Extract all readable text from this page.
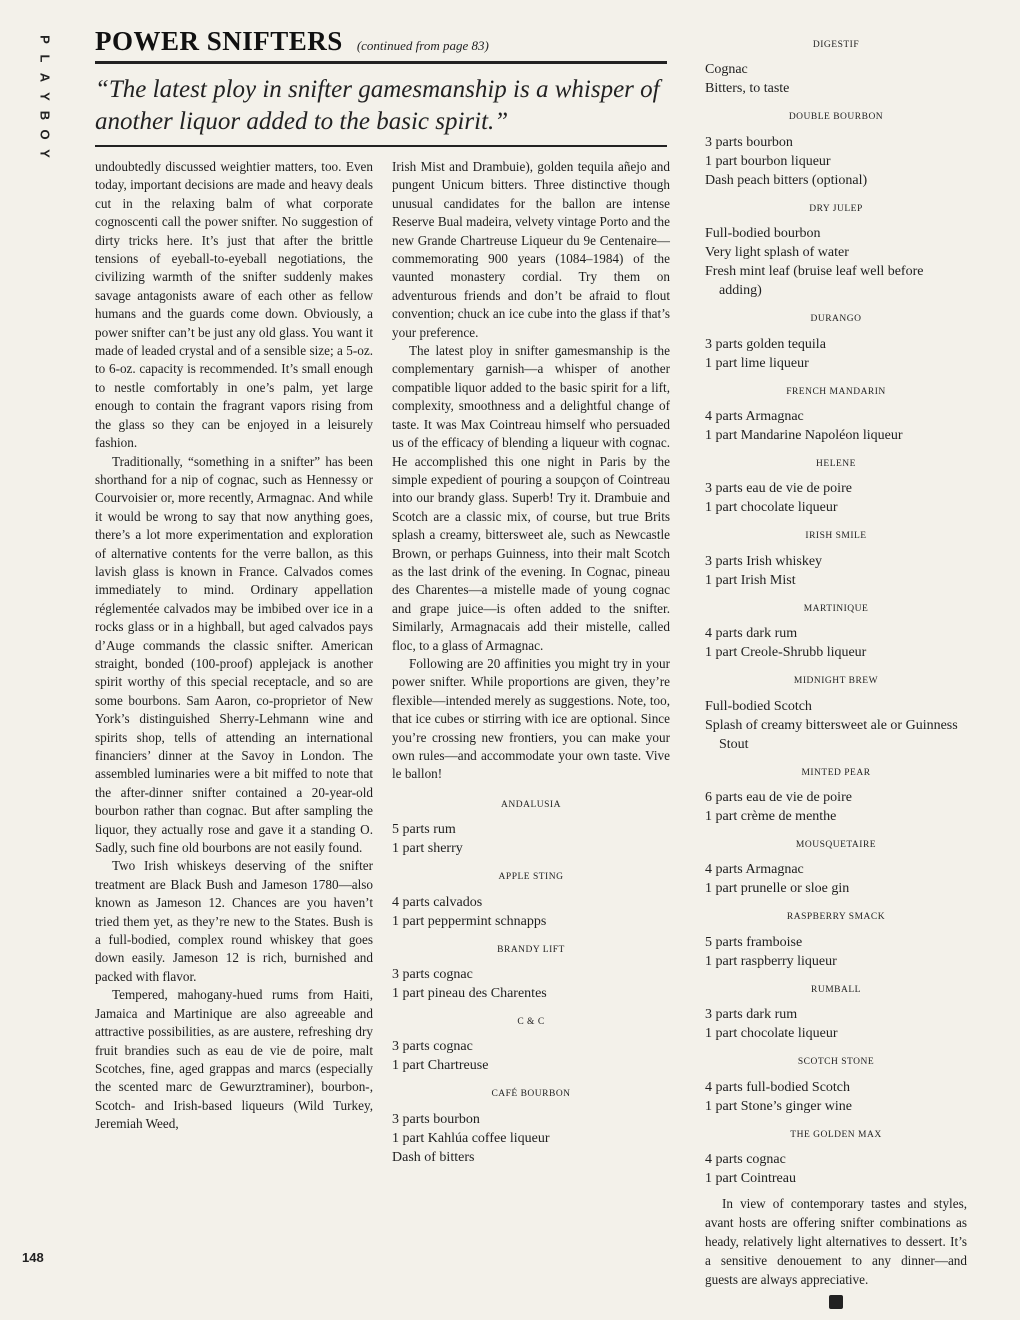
P
L
A
Y
B
O
Y
POWER SNIFTERS (continued from page 83)
“The latest ploy in snifter gamesmanship is a whisper of another liquor added to the basic spirit.”

undoubtedly discussed weightier matters, too. Even today, important decisions are made and heavy deals cut in the relaxing balm of what corporate cognoscenti call the power snifter. No suggestion of dirty tricks here. It’s just that after the brittle tensions of eyeball-to-eyeball negotiations, the civilizing warmth of the snifter suddenly makes savage antagonists aware of each other as fellow humans and the guards come down. Obviously, a power snifter can’t be just any old glass. You want it made of leaded crystal and of a sensible size; a 5-oz. to 6-oz. capacity is recommended. It’s small enough to nestle comfortably in one’s palm, yet large enough to contain the fragrant vapors rising from the glass so they can be enjoyed in a leisurely fashion.

Traditionally, “something in a snifter” has been shorthand for a nip of cognac, such as Hennessy or Courvoisier or, more recently, Armagnac. And while it would be wrong to say that now anything goes, there’s a lot more experimentation and exploration of alternative contents for the verre ballon, as this lavish glass is known in France. Calvados comes immediately to mind. Ordinary appellation réglementée calvados may be imbibed over ice in a rocks glass or in a highball, but aged calvados pays d’Auge commands the classic snifter. American straight, bonded (100-proof) applejack is another spirit worthy of this special receptacle, and so are some bourbons. Sam Aaron, co-proprietor of New York’s distinguished Sherry-Lehmann wine and spirits shop, tells of attending an international financiers’ dinner at the Savoy in London. The assembled luminaries were a bit miffed to note that the after-dinner snifter contained a 20-year-old bourbon rather than cognac. But after sampling the liquor, they actually rose and gave it a standing O. Sadly, such fine old bourbons are not easily found.

Two Irish whiskeys deserving of the snifter treatment are Black Bush and Jameson 1780—also known as Jameson 12. Chances are you haven’t tried them yet, as they’re new to the States. Bush is a full-bodied, complex round whiskey that goes down easily. Jameson 12 is rich, burnished and packed with flavor.

Tempered, mahogany-hued rums from Haiti, Jamaica and Martinique are also agreeable and attractive possibilities, as are austere, refreshing dry fruit brandies such as eau de vie de poire, malt Scotches, fine, aged grappas and marcs (especially the scented marc de Gewurztraminer), bourbon-, Scotch- and Irish-based liqueurs (Wild Turkey, Jeremiah Weed,

Irish Mist and Drambuie), golden tequila añejo and pungent Unicum bitters. Three distinctive though unusual candidates for the ballon are intense Reserve Bual madeira, velvety vintage Porto and the new Grande Chartreuse Liqueur du 9e Centenaire—commemorating 900 years (1084–1984) of the vaunted monastery cordial. Try them on adventurous friends and don’t be afraid to flout convention; chuck an ice cube into the glass if that’s your preference.

The latest ploy in snifter gamesmanship is the complementary garnish—a whisper of another compatible liquor added to the basic spirit for a lift, complexity, smoothness and a delightful change of taste. It was Max Cointreau himself who persuaded us of the efficacy of blending a liqueur with cognac. He accomplished this one night in Paris by the simple expedient of pouring a soupçon of Cointreau into our brandy glass. Superb! Try it. Drambuie and Scotch are a classic mix, of course, but true Brits splash a creamy, bittersweet ale, such as Newcastle Brown, or perhaps Guinness, into their malt Scotch as the last drink of the evening. In Cognac, pineau des Charentes—a mistelle made of young cognac and grape juice—is often added to the snifter. Similarly, Armagnacais add their mistelle, called floc, to a glass of Armagnac.

Following are 20 affinities you might try in your power snifter. While proportions are given, they’re flexible—intended merely as suggestions. Note, too, that ice cubes or stirring with ice are optional. Since you’re crossing new frontiers, you can make your own rules—and accommodate your own taste. Vive le ballon!

ANDALUSIA
5 parts rum
1 part sherry
APPLE STING
4 parts calvados
1 part peppermint schnapps
BRANDY LIFT
3 parts cognac
1 part pineau des Charentes
C & C
3 parts cognac
1 part Chartreuse
CAFÉ BOURBON
3 parts bourbon
1 part Kahlúa coffee liqueur
Dash of bitters
DIGESTIF
Cognac
Bitters, to taste
DOUBLE BOURBON
3 parts bourbon
1 part bourbon liqueur
Dash peach bitters (optional)
DRY JULEP
Full-bodied bourbon
Very light splash of water
Fresh mint leaf (bruise leaf well before adding)
DURANGO
3 parts golden tequila
1 part lime liqueur
FRENCH MANDARIN
4 parts Armagnac
1 part Mandarine Napoléon liqueur
HELENE
3 parts eau de vie de poire
1 part chocolate liqueur
IRISH SMILE
3 parts Irish whiskey
1 part Irish Mist
MARTINIQUE
4 parts dark rum
1 part Creole-Shrubb liqueur
MIDNIGHT BREW
Full-bodied Scotch
Splash of creamy bittersweet ale or Guinness Stout
MINTED PEAR
6 parts eau de vie de poire
1 part crème de menthe
MOUSQUETAIRE
4 parts Armagnac
1 part prunelle or sloe gin
RASPBERRY SMACK
5 parts framboise
1 part raspberry liqueur
RUMBALL
3 parts dark rum
1 part chocolate liqueur
SCOTCH STONE
4 parts full-bodied Scotch
1 part Stone’s ginger wine
THE GOLDEN MAX
4 parts cognac
1 part Cointreau

In view of contemporary tastes and styles, avant hosts are offering snifter combinations as heady, relatively light alternatives to dessert. It’s a sensitive denouement to any dinner—and guests are always appreciative.

148
